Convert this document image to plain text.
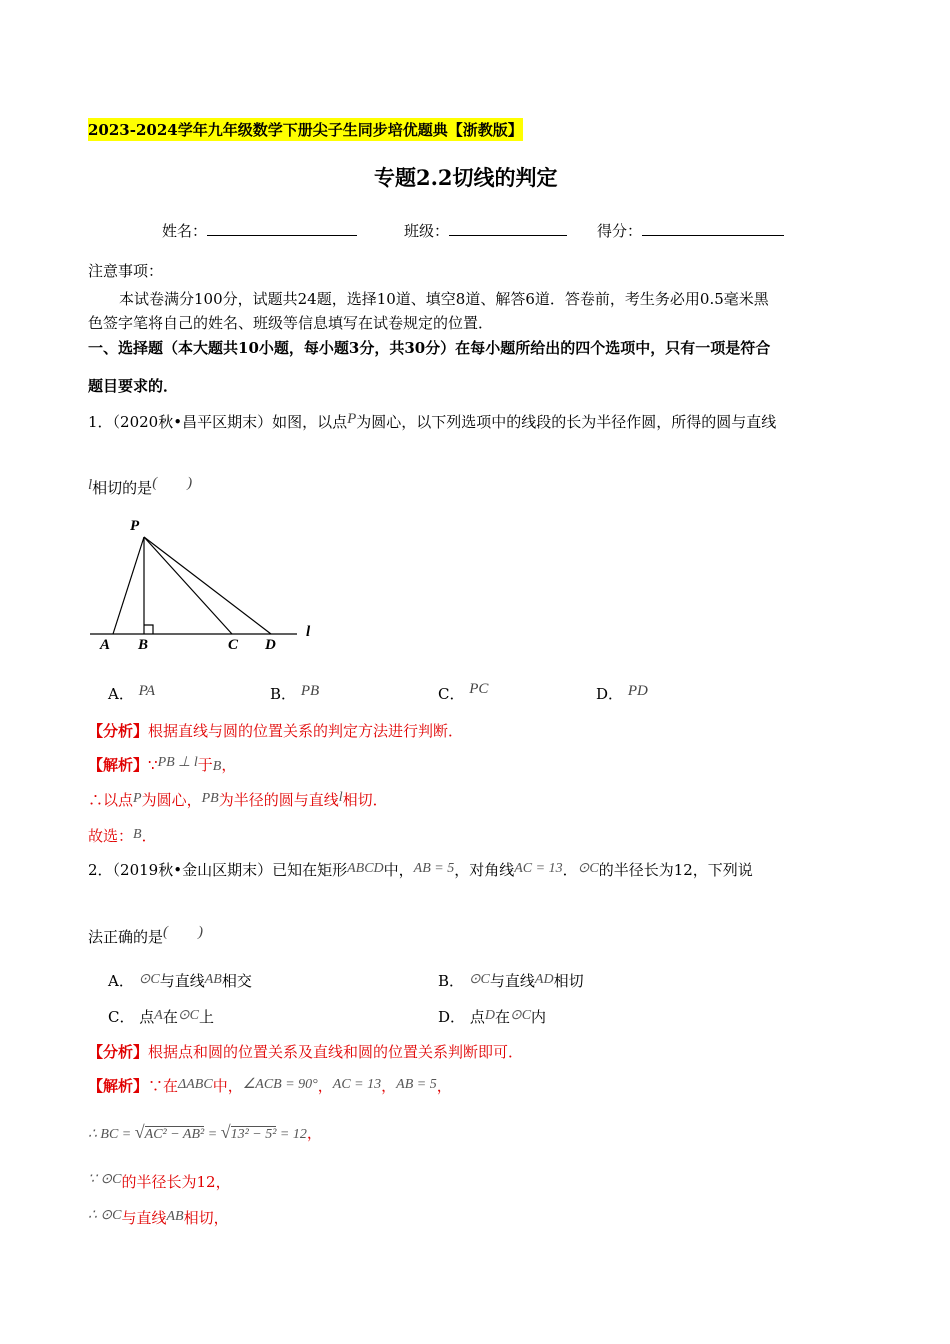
2023-2024学年九年级数学下册尖子生同步培优题典【浙教版】
专题2.2切线的判定
姓名：	班级：	得分：
注意事项：
本试卷满分100分，试题共24题，选择10道、填空8道、解答6道．答卷前，考生务必用0.5毫米黑
色签字笔将自己的姓名、班级等信息填写在试卷规定的位置．
一、选择题（本大题共10小题，每小题3分，共30分）在每小题所给出的四个选项中，只有一项是符合
题目要求的．
1．（2020秋•昌平区期末）如图，以点P为圆心，以下列选项中的线段的长为半径作圆，所得的圆与直线
l相切的是(　　)
P
A B	C D
l
A． PA	B． PB	C． PC	D． PD
【分析】根据直线与圆的位置关系的判定方法进行判断．
【解析】∵PB ⊥ l于B，
∴以点P为圆心，PB为半径的圆与直线l相切．
故选：B．
2．（2019秋•金山区期末）已知在矩形ABCD中，AB = 5，对角线AC = 13．⊙C的半径长为12，下列说
法正确的是(　　)
A． ⊙C与直线AB相交	B． ⊙C与直线AD相切
C． 点A在⊙C上	D． 点D在⊙C内
【分析】根据点和圆的位置关系及直线和圆的位置关系判断即可．
【解析】∵在ΔABC中，∠ACB = 90°，AC = 13，AB = 5，
∴ BC = √AC² − AB² = √13² − 5² = 12，
∵ ⊙C的半径长为12，
∴ ⊙C与直线AB相切，
